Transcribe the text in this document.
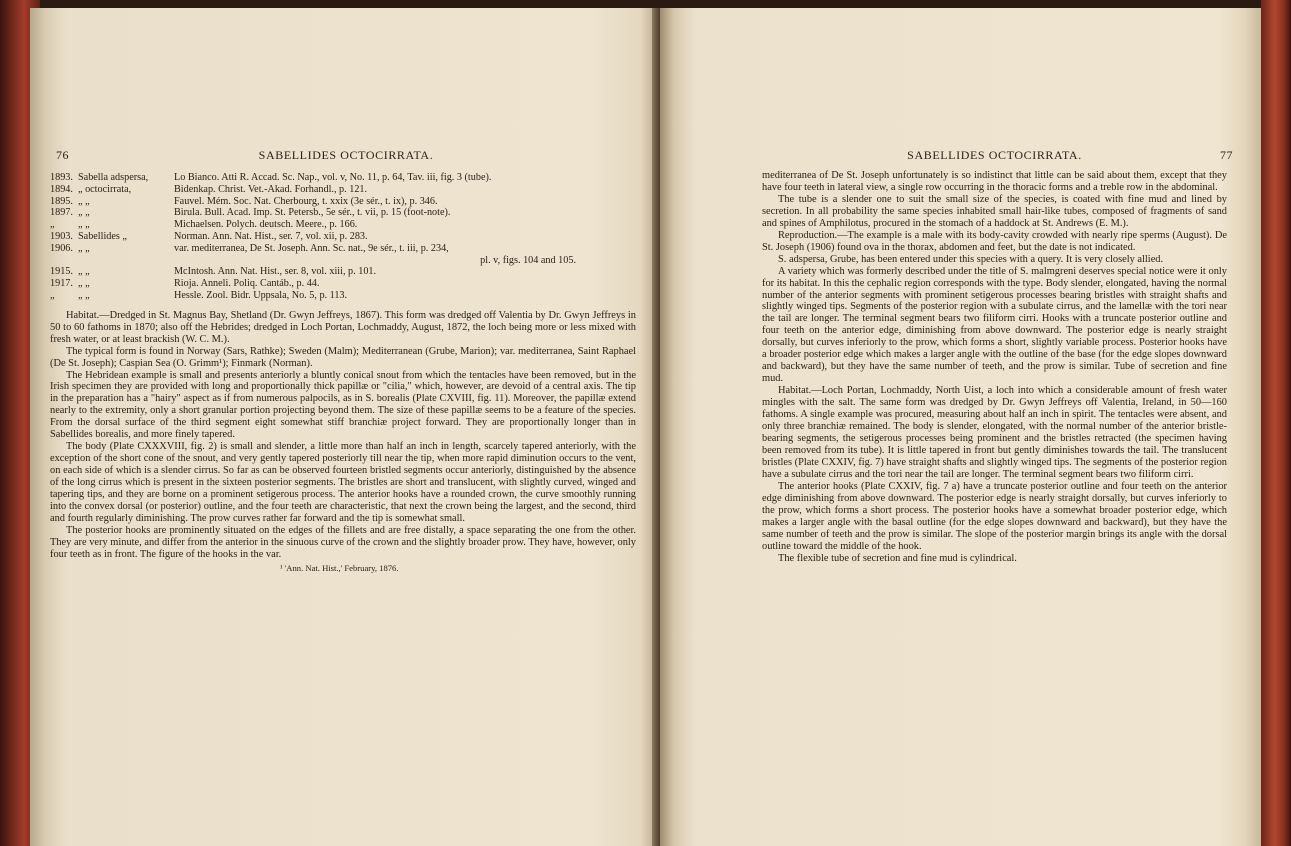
76	SABELLIDES OCTOCIRRATA.
1893. Sabella adspersa,	Lo Bianco. Atti R. Accad. Sc. Nap., vol. v, No. 11, p. 64, Tav. iii, fig. 3 (tube).
1894. „ octocirrata,	Bidenkap. Christ. Vet.-Akad. Forhandl., p. 121.
1895. „ „	Fauvel. Mém. Soc. Nat. Cherbourg, t. xxix (3e sér., t. ix), p. 346.
1897. „ „	Birula. Bull. Acad. Imp. St. Petersb., 5e sér., t. vii, p. 15 (foot-note).
„	„ „	Michaelsen. Polych. deutsch. Meere., p. 166.
1903. Sabellides „	Norman. Ann. Nat. Hist., ser. 7, vol. xii, p. 283.
1906. „ „	var. mediterranea, De St. Joseph. Ann. Sc. nat., 9e sér., t. iii, p. 234,
pl. v, figs. 104 and 105.
1915. „ „	McIntosh. Ann. Nat. Hist., ser. 8, vol. xiii, p. 101.
1917. „ „	Rioja. Anneli. Poliq. Cantáb., p. 44.
„	„ „	Hessle. Zool. Bidr. Uppsala, No. 5, p. 113.

Habitat.—Dredged in St. Magnus Bay, Shetland (Dr. Gwyn Jeffreys, 1867). This form was dredged off Valentia by Dr. Gwyn Jeffreys in 50 to 60 fathoms in 1870; also off the Hebrides; dredged in Loch Portan, Lochmaddy, August, 1872, the loch being more or less mixed with fresh water, or at least brackish (W. C. M.).

The typical form is found in Norway (Sars, Rathke); Sweden (Malm); Mediterranean (Grube, Marion); var. mediterranea, Saint Raphael (De St. Joseph); Caspian Sea (O. Grimm¹); Finmark (Norman).

The Hebridean example is small and presents anteriorly a bluntly conical snout from which the tentacles have been removed, but in the Irish specimen they are provided with long and proportionally thick papillæ or "cilia," which, however, are devoid of a central axis. The tip in the preparation has a "hairy" aspect as if from numerous palpocils, as in S. borealis (Plate CXVIII, fig. 11). Moreover, the papillæ extend nearly to the extremity, only a short granular portion projecting beyond them. The size of these papillæ seems to be a feature of the species. From the dorsal surface of the third segment eight somewhat stiff branchiæ project forward. They are proportionally longer than in Sabellides borealis, and more finely tapered.

The body (Plate CXXXVIII, fig. 2) is small and slender, a little more than half an inch in length, scarcely tapered anteriorly, with the exception of the short cone of the snout, and very gently tapered posteriorly till near the tip, when more rapid diminution occurs to the vent, on each side of which is a slender cirrus. So far as can be observed fourteen bristled segments occur anteriorly, distinguished by the absence of the long cirrus which is present in the sixteen posterior segments. The bristles are short and translucent, with slightly curved, winged and tapering tips, and they are borne on a prominent setigerous process. The anterior hooks have a rounded crown, the curve smoothly running into the convex dorsal (or posterior) outline, and the four teeth are characteristic, that next the crown being the largest, and the second, third and fourth regularly diminishing. The prow curves rather far forward and the tip is somewhat small.

The posterior hooks are prominently situated on the edges of the fillets and are free distally, a space separating the one from the other. They are very minute, and differ from the anterior in the sinuous curve of the crown and the slightly broader prow. They have, however, only four teeth as in front. The figure of the hooks in the var.

¹ 'Ann. Nat. Hist.,' February, 1876.
SABELLIDES OCTOCIRRATA.	77

mediterranea of De St. Joseph unfortunately is so indistinct that little can be said about them, except that they have four teeth in lateral view, a single row occurring in the thoracic forms and a treble row in the abdominal.

The tube is a slender one to suit the small size of the species, is coated with fine mud and lined by secretion. In all probability the same species inhabited small hair-like tubes, composed of fragments of sand and spines of Amphilotus, procured in the stomach of a haddock at St. Andrews (E. M.).

Reproduction.—The example is a male with its body-cavity crowded with nearly ripe sperms (August). De St. Joseph (1906) found ova in the thorax, abdomen and feet, but the date is not indicated.

S. adspersa, Grube, has been entered under this species with a query. It is very closely allied.

A variety which was formerly described under the title of S. malmgreni deserves special notice were it only for its habitat. In this the cephalic region corresponds with the type. Body slender, elongated, having the normal number of the anterior segments with prominent setigerous processes bearing bristles with straight shafts and slightly winged tips. Segments of the posterior region with a subulate cirrus, and the lamellæ with the tori near the tail are longer. The terminal segment bears two filiform cirri. Hooks with a truncate posterior outline and four teeth on the anterior edge, diminishing from above downward. The posterior edge is nearly straight dorsally, but curves inferiorly to the prow, which forms a short, slightly variable process. Posterior hooks have a broader posterior edge which makes a larger angle with the outline of the base (for the edge slopes downward and backward), but they have the same number of teeth, and the prow is similar. Tube of secretion and fine mud.

Habitat.—Loch Portan, Lochmaddy, North Uist, a loch into which a considerable amount of fresh water mingles with the salt. The same form was dredged by Dr. Gwyn Jeffreys off Valentia, Ireland, in 50—160 fathoms. A single example was procured, measuring about half an inch in spirit. The tentacles were absent, and only three branchiæ remained. The body is slender, elongated, with the normal number of the anterior bristle-bearing segments, the setigerous processes being prominent and the bristles retracted (the specimen having been removed from its tube). It is little tapered in front but gently diminishes towards the tail. The translucent bristles (Plate CXXIV, fig. 7) have straight shafts and slightly winged tips. The segments of the posterior region have a subulate cirrus and the tori near the tail are longer. The terminal segment bears two filiform cirri.

The anterior hooks (Plate CXXIV, fig. 7 a) have a truncate posterior outline and four teeth on the anterior edge diminishing from above downward. The posterior edge is nearly straight dorsally, but curves inferiorly to the prow, which forms a short process. The posterior hooks have a somewhat broader posterior edge, which makes a larger angle with the basal outline (for the edge slopes downward and backward), but they have the same number of teeth and the prow is similar. The slope of the posterior margin brings its angle with the dorsal outline toward the middle of the hook.

The flexible tube of secretion and fine mud is cylindrical.
